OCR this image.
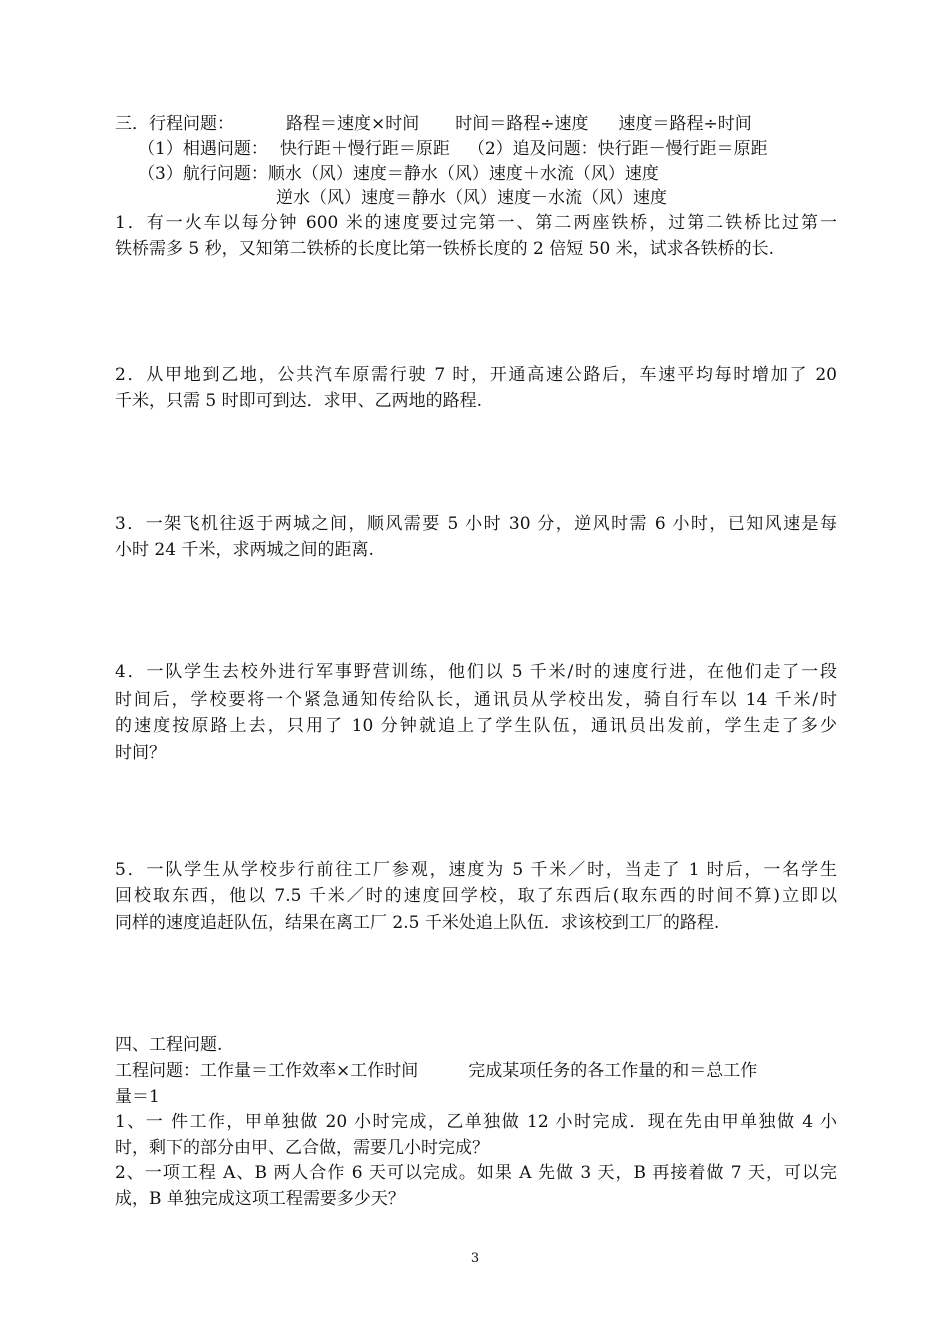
三．行程问题：	路程＝速度×时间 时间＝路程÷速度 速度＝路程÷时间
（1）相遇问题： 快行距＋慢行距＝原距 （2）追及问题：快行距－慢行距＝原距
（3）航行问题：顺水（风）速度＝静水（风）速度＋水流（风）速度
逆水（风）速度＝静水（风）速度－水流（风）速度
1．有一火车以每分钟 600 米的速度要过完第一、第二两座铁桥，过第二铁桥比过第一
铁桥需多 5 秒，又知第二铁桥的长度比第一铁桥长度的 2 倍短 50 米，试求各铁桥的长.
2．从甲地到乙地，公共汽车原需行驶 7 时，开通高速公路后，车速平均每时增加了 20
千米，只需 5 时即可到达．求甲、乙两地的路程.
3．一架飞机往返于两城之间，顺风需要 5 小时 30 分，逆风时需 6 小时，已知风速是每
小时 24 千米，求两城之间的距离.
4．一队学生去校外进行军事野营训练，他们以 5 千米/时的速度行进，在他们走了一段
时间后，学校要将一个紧急通知传给队长，通讯员从学校出发，骑自行车以 14 千米/时
的速度按原路上去，只用了 10 分钟就追上了学生队伍，通讯员出发前，学生走了多少
时间？
5．一队学生从学校步行前往工厂参观，速度为 5 千米／时，当走了 1 时后，一名学生
回校取东西，他以 7.5 千米／时的速度回学校，取了东西后(取东西的时间不算)立即以
同样的速度追赶队伍，结果在离工厂 2.5 千米处追上队伍．求该校到工厂的路程.
四、工程问题.
工程问题：工作量＝工作效率×工作时间	完成某项任务的各工作量的和＝总工作
量＝1
1、一 件工作，甲单独做 20 小时完成，乙单独做 12 小时完成．现在先由甲单独做 4 小
时，剩下的部分由甲、乙合做，需要几小时完成？
2、一项工程 A、B 两人合作 6 天可以完成。如果 A 先做 3 天，B 再接着做 7 天，可以完
成，B 单独完成这项工程需要多少天？
3
